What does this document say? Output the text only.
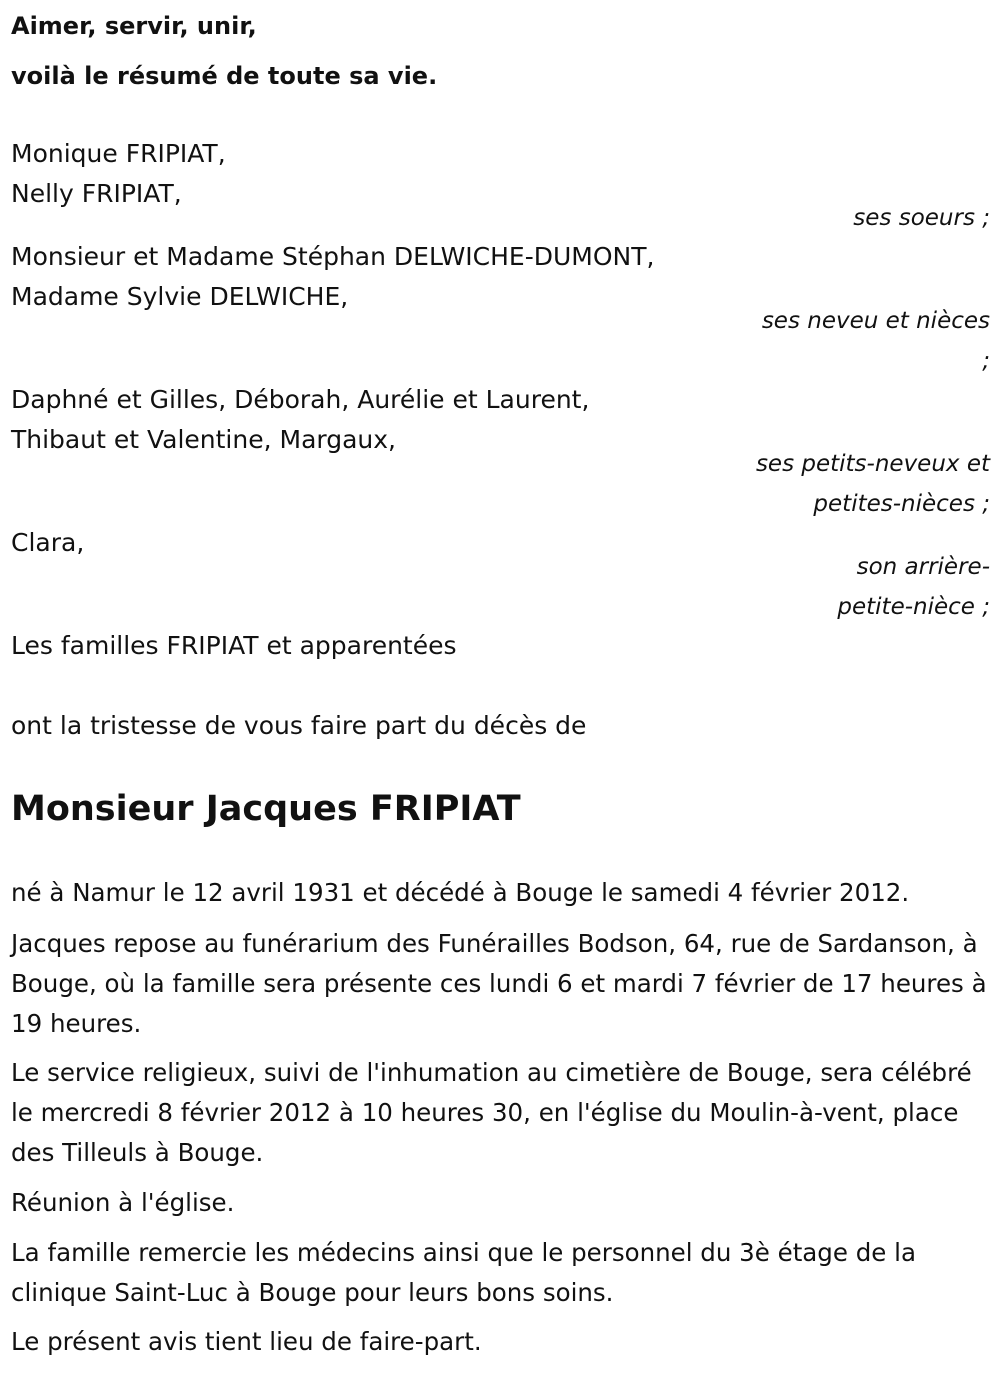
Aimer, servir, unir,
voilà le résumé de toute sa vie.
Monique FRIPIAT,
Nelly FRIPIAT,
ses soeurs ;
Monsieur et Madame Stéphan DELWICHE-DUMONT,
Madame Sylvie DELWICHE,
ses neveu et nièces
;
Daphné et Gilles, Déborah, Aurélie et Laurent,
Thibaut et Valentine, Margaux,
ses petits-neveux et
petites-nièces ;
Clara,
son arrière-
petite-nièce ;
Les familles FRIPIAT et apparentées
ont la tristesse de vous faire part du décès de
Monsieur Jacques FRIPIAT
né à Namur le 12 avril 1931 et décédé à Bouge le samedi 4 février 2012.
Jacques repose au funérarium des Funérailles Bodson, 64, rue de Sardanson, à Bouge, où la famille sera présente ces lundi 6 et mardi 7 février de 17 heures à 19 heures.
Le service religieux, suivi de l'inhumation au cimetière de Bouge, sera célébré le mercredi 8 février 2012 à 10 heures 30, en l'église du Moulin-à-vent, place des Tilleuls à Bouge.
Réunion à l'église.
La famille remercie les médecins ainsi que le personnel du 3è étage de la clinique Saint-Luc à Bouge pour leurs bons soins.
Le présent avis tient lieu de faire-part.
